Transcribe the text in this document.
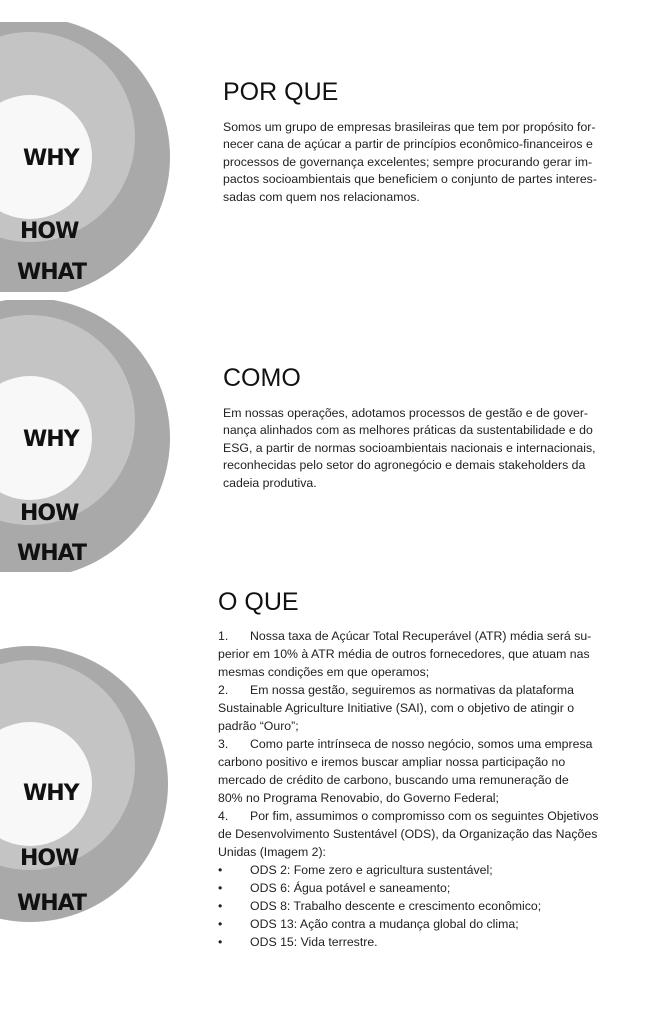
WHY
HOW
WHAT
WHY
HOW
WHAT
WHY
HOW
WHAT
POR QUE
Somos um grupo de empresas brasileiras que tem por propósito for-
necer cana de açúcar a partir de princípios econômico-financeiros e
processos de governança excelentes; sempre procurando gerar im-
pactos socioambientais que beneficiem o conjunto de partes interes-
sadas com quem nos relacionamos.
COMO
Em nossas operações, adotamos processos de gestão e de gover-
nança alinhados com as melhores práticas da sustentabilidade e do
ESG, a partir de normas socioambientais nacionais e internacionais,
reconhecidas pelo setor do agronegócio e demais stakeholders da
cadeia produtiva.
O QUE
1. Nossa taxa de Açúcar Total Recuperável (ATR) média será su-
perior em 10% à ATR média de outros fornecedores, que atuam nas
mesmas condições em que operamos;
2. Em nossa gestão, seguiremos as normativas da plataforma
Sustainable Agriculture Initiative (SAI), com o objetivo de atingir o
padrão “Ouro”;
3. Como parte intrínseca de nosso negócio, somos uma empresa
carbono positivo e iremos buscar ampliar nossa participação no
mercado de crédito de carbono, buscando uma remuneração de
80% no Programa Renovabio, do Governo Federal;
4. Por fim, assumimos o compromisso com os seguintes Objetivos
de Desenvolvimento Sustentável (ODS), da Organização das Nações
Unidas (Imagem 2):
•	ODS 2: Fome zero e agricultura sustentável;
•	ODS 6: Água potável e saneamento;
•	ODS 8: Trabalho descente e crescimento econômico;
•	ODS 13: Ação contra a mudança global do clima;
•	ODS 15: Vida terrestre.
